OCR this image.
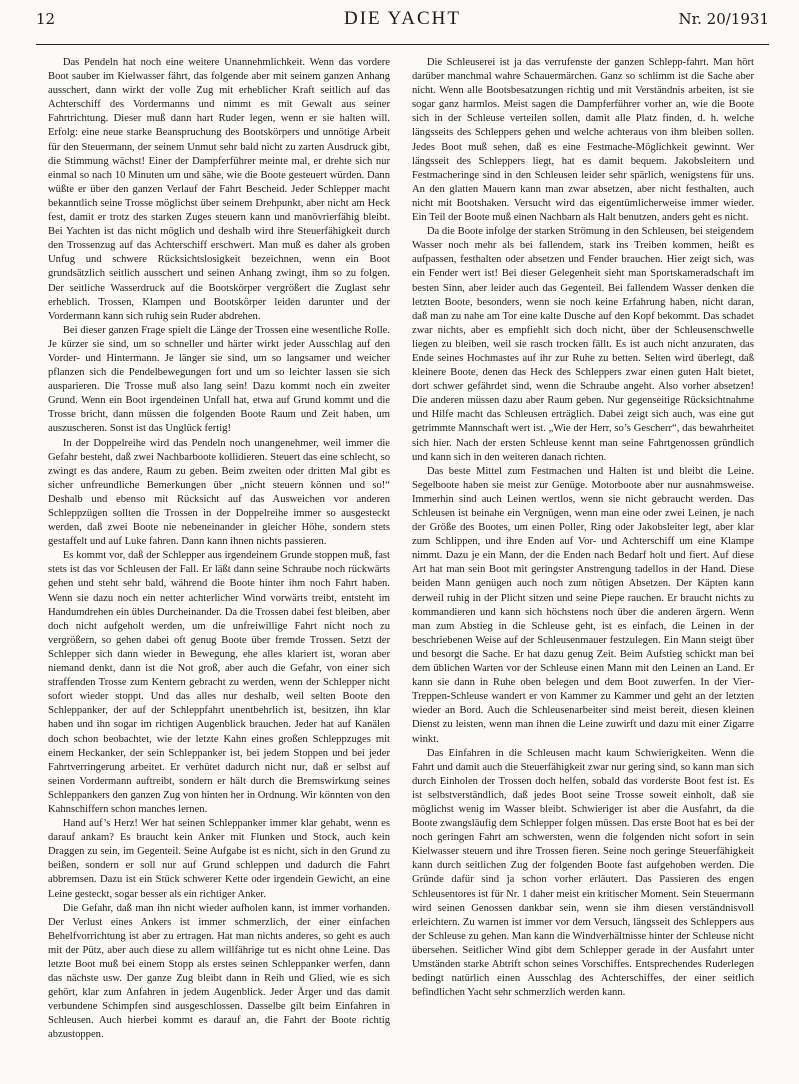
12	DIE YACHT	Nr. 20/1931

Das Pendeln hat noch eine weitere Unannehmlichkeit. Wenn das vordere Boot sauber im Kielwasser fährt, das folgende aber mit seinem ganzen Anhang ausschert, dann wirkt der volle Zug mit erheblicher Kraft seitlich auf das Achterschiff des Vordermanns und nimmt es mit Gewalt aus seiner Fahrtrichtung. Dieser muß dann hart Ruder legen, wenn er sie halten will. Erfolg: eine neue starke Beanspruchung des Bootskörpers und unnötige Arbeit für den Steuermann, der seinem Unmut sehr bald nicht zu zarten Ausdruck gibt, die Stimmung wächst! Einer der Dampferführer meinte mal, er drehte sich nur einmal so nach 10 Minuten um und sähe, wie die Boote gesteuert würden. Dann wüßte er über den ganzen Verlauf der Fahrt Bescheid. Jeder Schlepper macht bekanntlich seine Trosse möglichst über seinem Drehpunkt, aber nicht am Heck fest, damit er trotz des starken Zuges steuern kann und manövrierfähig bleibt. Bei Yachten ist das nicht möglich und deshalb wird ihre Steuerfähigkeit durch den Trossenzug auf das Achterschiff erschwert. Man muß es daher als groben Unfug und schwere Rücksichtslosigkeit bezeichnen, wenn ein Boot grundsätzlich seitlich ausschert und seinen Anhang zwingt, ihm so zu folgen. Der seitliche Wasserdruck auf die Bootskörper vergrößert die Zuglast sehr erheblich. Trossen, Klampen und Bootskörper leiden darunter und der Vordermann kann sich ruhig sein Ruder abdrehen.

Bei dieser ganzen Frage spielt die Länge der Trossen eine wesentliche Rolle. Je kürzer sie sind, um so schneller und härter wirkt jeder Ausschlag auf den Vorder- und Hintermann. Je länger sie sind, um so langsamer und weicher pflanzen sich die Pendelbewegungen fort und um so leichter lassen sie sich ausparieren. Die Trosse muß also lang sein! Dazu kommt noch ein zweiter Grund. Wenn ein Boot irgendeinen Unfall hat, etwa auf Grund kommt und die Trosse bricht, dann müssen die folgenden Boote Raum und Zeit haben, um auszuscheren. Sonst ist das Unglück fertig!

In der Doppelreihe wird das Pendeln noch unangenehmer, weil immer die Gefahr besteht, daß zwei Nachbarboote kollidieren. Steuert das eine schlecht, so zwingt es das andere, Raum zu geben. Beim zweiten oder dritten Mal gibt es sicher unfreundliche Bemerkungen über „nicht steuern können und so!“ Deshalb und ebenso mit Rücksicht auf das Ausweichen vor anderen Schleppzügen sollten die Trossen in der Doppelreihe immer so ausgesteckt werden, daß zwei Boote nie nebeneinander in gleicher Höhe, sondern stets gestaffelt und auf Luke fahren. Dann kann ihnen nichts passieren.

Es kommt vor, daß der Schlepper aus irgendeinem Grunde stoppen muß, fast stets ist das vor Schleusen der Fall. Er läßt dann seine Schraube noch rückwärts gehen und steht sehr bald, während die Boote hinter ihm noch Fahrt haben. Wenn sie dazu noch ein netter achterlicher Wind vorwärts treibt, entsteht im Handumdrehen ein übles Durcheinander. Da die Trossen dabei fest bleiben, aber doch nicht aufgeholt werden, um die unfreiwillige Fahrt nicht noch zu vergrößern, so gehen dabei oft genug Boote über fremde Trossen. Setzt der Schlepper sich dann wieder in Bewegung, ehe alles klariert ist, woran aber niemand denkt, dann ist die Not groß, aber auch die Gefahr, von einer sich straffenden Trosse zum Kentern gebracht zu werden, wenn der Schlepper nicht sofort wieder stoppt. Und das alles nur deshalb, weil selten Boote den Schleppanker, der auf der Schleppfahrt unentbehrlich ist, besitzen, ihn klar haben und ihn sogar im richtigen Augenblick brauchen. Jeder hat auf Kanälen doch schon beobachtet, wie der letzte Kahn eines großen Schleppzuges mit einem Heckanker, der sein Schleppanker ist, bei jedem Stoppen und bei jeder Fahrtverringerung arbeitet. Er verhütet dadurch nicht nur, daß er selbst auf seinen Vordermann auftreibt, sondern er hält durch die Bremswirkung seines Schleppankers den ganzen Zug von hinten her in Ordnung. Wir könnten von den Kahnschiffern schon manches lernen.

Hand auf’s Herz! Wer hat seinen Schleppanker immer klar gehabt, wenn es darauf ankam? Es braucht kein Anker mit Flunken und Stock, auch kein Draggen zu sein, im Gegenteil. Seine Aufgabe ist es nicht, sich in den Grund zu beißen, sondern er soll nur auf Grund schleppen und dadurch die Fahrt abbremsen. Dazu ist ein Stück schwerer Kette oder irgendein Gewicht, an eine Leine gesteckt, sogar besser als ein richtiger Anker.

Die Gefahr, daß man ihn nicht wieder aufholen kann, ist immer vorhanden. Der Verlust eines Ankers ist immer schmerzlich, der einer einfachen Behelfvorrichtung ist aber zu ertragen. Hat man nichts anderes, so geht es auch mit der Pütz, aber auch diese zu allem willfährige tut es nicht ohne Leine. Das letzte Boot muß bei einem Stopp als erstes seinen Schleppanker werfen, dann das nächste usw. Der ganze Zug bleibt dann in Reih und Glied, wie es sich gehört, klar zum Anfahren in jedem Augenblick. Jeder Ärger und das damit verbundene Schimpfen sind ausgeschlossen. Dasselbe gilt beim Einfahren in Schleusen. Auch hierbei kommt es darauf an, die Fahrt der Boote richtig abzustoppen.

Die Schleuserei ist ja das verrufenste der ganzen Schlepp-fahrt. Man hört darüber manchmal wahre Schauermärchen. Ganz so schlimm ist die Sache aber nicht. Wenn alle Bootsbesatzungen richtig und mit Verständnis arbeiten, ist sie sogar ganz harmlos. Meist sagen die Dampferführer vorher an, wie die Boote sich in der Schleuse verteilen sollen, damit alle Platz finden, d. h. welche längsseits des Schleppers gehen und welche achteraus von ihm bleiben sollen. Jedes Boot muß sehen, daß es eine Festmache-Möglichkeit gewinnt. Wer längsseit des Schleppers liegt, hat es damit bequem. Jakobsleitern und Festmacheringe sind in den Schleusen leider sehr spärlich, wenigstens für uns. An den glatten Mauern kann man zwar absetzen, aber nicht festhalten, auch nicht mit Bootshaken. Versucht wird das eigentümlicherweise immer wieder. Ein Teil der Boote muß einen Nachbarn als Halt benutzen, anders geht es nicht.

Da die Boote infolge der starken Strömung in den Schleusen, bei steigendem Wasser noch mehr als bei fallendem, stark ins Treiben kommen, heißt es aufpassen, festhalten oder absetzen und Fender brauchen. Hier zeigt sich, was ein Fender wert ist! Bei dieser Gelegenheit sieht man Sportskameradschaft im besten Sinn, aber leider auch das Gegenteil. Bei fallendem Wasser denken die letzten Boote, besonders, wenn sie noch keine Erfahrung haben, nicht daran, daß man zu nahe am Tor eine kalte Dusche auf den Kopf bekommt. Das schadet zwar nichts, aber es empfiehlt sich doch nicht, über der Schleusenschwelle liegen zu bleiben, weil sie rasch trocken fällt. Es ist auch nicht anzuraten, das Ende seines Hochmastes auf ihr zur Ruhe zu betten. Selten wird überlegt, daß kleinere Boote, denen das Heck des Schleppers zwar einen guten Halt bietet, dort schwer gefährdet sind, wenn die Schraube angeht. Also vorher absetzen! Die anderen müssen dazu aber Raum geben. Nur gegenseitige Rücksichtnahme und Hilfe macht das Schleusen erträglich. Dabei zeigt sich auch, was eine gut getrimmte Mannschaft wert ist. „Wie der Herr, so’s Gescherr“, das bewahrheitet sich hier. Nach der ersten Schleuse kennt man seine Fahrtgenossen gründlich und kann sich in den weiteren danach richten.

Das beste Mittel zum Festmachen und Halten ist und bleibt die Leine. Segelboote haben sie meist zur Genüge. Motorboote aber nur ausnahmsweise. Immerhin sind auch Leinen wertlos, wenn sie nicht gebraucht werden. Das Schleusen ist beinahe ein Vergnügen, wenn man eine oder zwei Leinen, je nach der Größe des Bootes, um einen Poller, Ring oder Jakobsleiter legt, aber klar zum Schlippen, und ihre Enden auf Vor- und Achterschiff um eine Klampe nimmt. Dazu je ein Mann, der die Enden nach Bedarf holt und fiert. Auf diese Art hat man sein Boot mit geringster Anstrengung tadellos in der Hand. Diese beiden Mann genügen auch noch zum nötigen Absetzen. Der Käpten kann derweil ruhig in der Plicht sitzen und seine Piepe rauchen. Er braucht nichts zu kommandieren und kann sich höchstens noch über die anderen ärgern. Wenn man zum Abstieg in die Schleuse geht, ist es einfach, die Leinen in der beschriebenen Weise auf der Schleusenmauer festzulegen. Ein Mann steigt über und besorgt die Sache. Er hat dazu genug Zeit. Beim Aufstieg schickt man bei dem üblichen Warten vor der Schleuse einen Mann mit den Leinen an Land. Er kann sie dann in Ruhe oben belegen und dem Boot zuwerfen. In der Vier-Treppen-Schleuse wandert er von Kammer zu Kammer und geht an der letzten wieder an Bord. Auch die Schleusenarbeiter sind meist bereit, diesen kleinen Dienst zu leisten, wenn man ihnen die Leine zuwirft und dazu mit einer Zigarre winkt.

Das Einfahren in die Schleusen macht kaum Schwierigkeiten. Wenn die Fahrt und damit auch die Steuerfähigkeit zwar nur gering sind, so kann man sich durch Einholen der Trossen doch helfen, sobald das vorderste Boot fest ist. Es ist selbstverständlich, daß jedes Boot seine Trosse soweit einholt, daß sie möglichst wenig im Wasser bleibt. Schwieriger ist aber die Ausfahrt, da die Boote zwangsläufig dem Schlepper folgen müssen. Das erste Boot hat es bei der noch geringen Fahrt am schwersten, wenn die folgenden nicht sofort in sein Kielwasser steuern und ihre Trossen fieren. Seine noch geringe Steuerfähigkeit kann durch seitlichen Zug der folgenden Boote fast aufgehoben werden. Die Gründe dafür sind ja schon vorher erläutert. Das Passieren des engen Schleusentores ist für Nr. 1 daher meist ein kritischer Moment. Sein Steuermann wird seinen Genossen dankbar sein, wenn sie ihm diesen verständnisvoll erleichtern. Zu warnen ist immer vor dem Versuch, längsseit des Schleppers aus der Schleuse zu gehen. Man kann die Windverhältnisse hinter der Schleuse nicht übersehen. Seitlicher Wind gibt dem Schlepper gerade in der Ausfahrt unter Umständen starke Abtrift schon seines Vorschiffes. Entsprechendes Ruderlegen bedingt natürlich einen Ausschlag des Achterschiffes, der einer seitlich befindlichen Yacht sehr schmerzlich werden kann.
